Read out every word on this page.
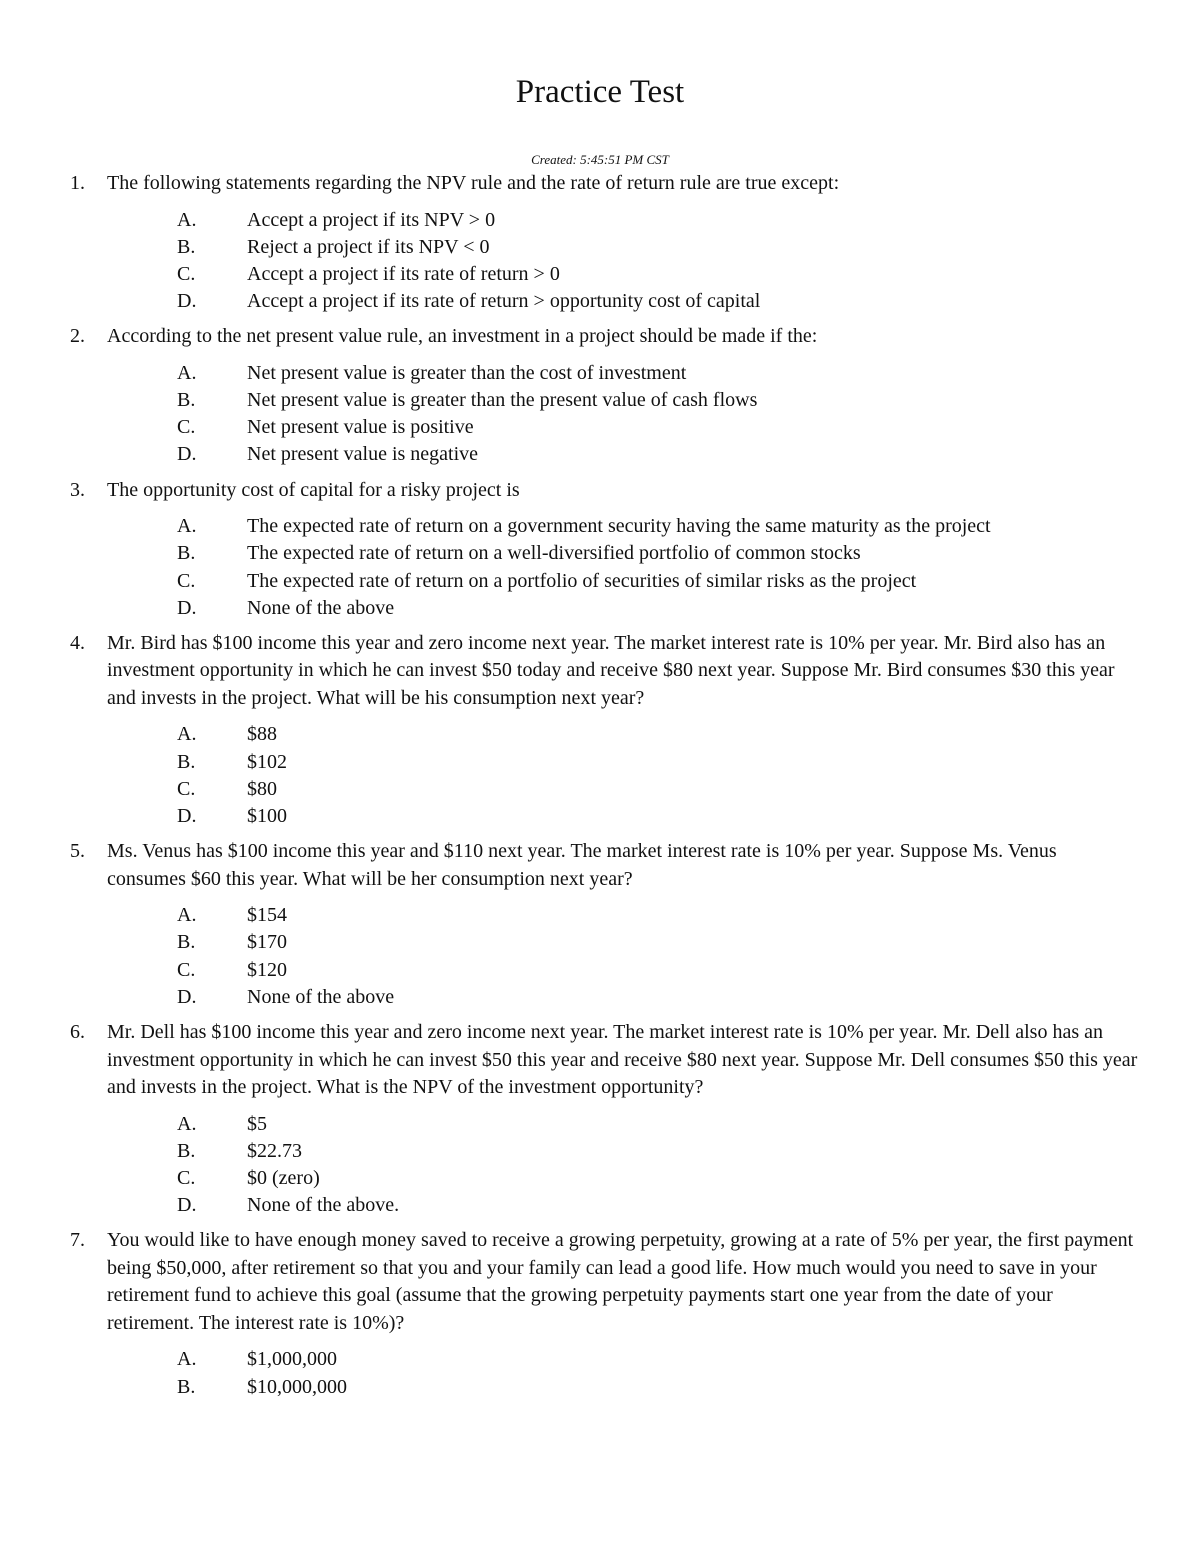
Practice Test
Created: 5:45:51 PM CST
1. The following statements regarding the NPV rule and the rate of return rule are true except:
A.	Accept a project if its NPV > 0
B.	Reject a project if its NPV < 0
C.	Accept a project if its rate of return > 0
D.	Accept a project if its rate of return > opportunity cost of capital
2. According to the net present value rule, an investment in a project should be made if the:
A.	Net present value is greater than the cost of investment
B.	Net present value is greater than the present value of cash flows
C.	Net present value is positive
D.	Net present value is negative
3. The opportunity cost of capital for a risky project is
A.	The expected rate of return on a government security having the same maturity as the project
B.	The expected rate of return on a well-diversified portfolio of common stocks
C.	The expected rate of return on a portfolio of securities of similar risks as the project
D.	None of the above
4. Mr. Bird has $100 income this year and zero income next year. The market interest rate is 10% per year. Mr. Bird also has an investment opportunity in which he can invest $50 today and receive $80 next year. Suppose Mr. Bird consumes $30 this year and invests in the project. What will be his consumption next year?
A.	$88
B.	$102
C.	$80
D.	$100
5. Ms. Venus has $100 income this year and $110 next year. The market interest rate is 10% per year. Suppose Ms. Venus consumes $60 this year. What will be her consumption next year?
A.	$154
B.	$170
C.	$120
D.	None of the above
6. Mr. Dell has $100 income this year and zero income next year. The market interest rate is 10% per year. Mr. Dell also has an investment opportunity in which he can invest $50 this year and receive $80 next year. Suppose Mr. Dell consumes $50 this year and invests in the project. What is the NPV of the investment opportunity?
A.	$5
B.	$22.73
C.	$0 (zero)
D.	None of the above.
7. You would like to have enough money saved to receive a growing perpetuity, growing at a rate of 5% per year, the first payment being $50,000, after retirement so that you and your family can lead a good life. How much would you need to save in your retirement fund to achieve this goal (assume that the growing perpetuity payments start one year from the date of your retirement. The interest rate is 10%)?
A.	$1,000,000
B.	$10,000,000
